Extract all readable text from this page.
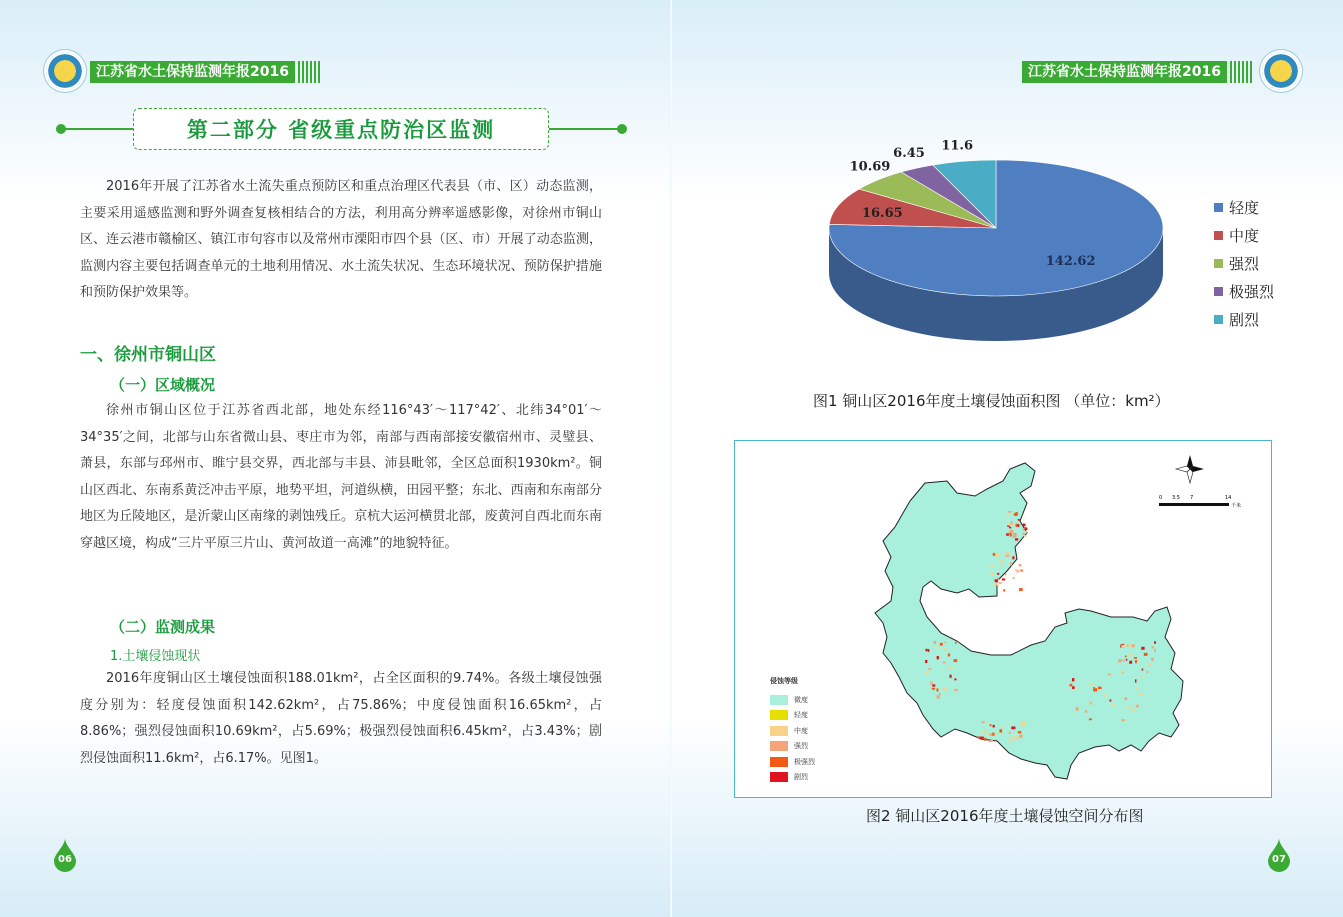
江苏省水土保持监测年报2016
第二部分 省级重点防治区监测

2016年开展了江苏省水土流失重点预防区和重点治理区代表县（市、区）动态监测，主要采用遥感监测和野外调查复核相结合的方法，利用高分辨率遥感影像，对徐州市铜山区、连云港市赣榆区、镇江市句容市以及常州市溧阳市四个县（区、市）开展了动态监测，监测内容主要包括调查单元的土地利用情况、水土流失状况、生态环境状况、预防保护措施和预防保护效果等。

一、徐州市铜山区
（一）区域概况

徐州市铜山区位于江苏省西北部，地处东经116°43′～117°42′、北纬34°01′～34°35′之间，北部与山东省微山县、枣庄市为邻，南部与西南部接安徽宿州市、灵璧县、萧县，东部与邳州市、睢宁县交界，西北部与丰县、沛县毗邻，全区总面积1930km²。铜山区西北、东南系黄泛冲击平原，地势平坦，河道纵横，田园平整；东北、西南和东南部分地区为丘陵地区，是沂蒙山区南缘的剥蚀残丘。京杭大运河横贯北部，废黄河自西北而东南穿越区境，构成“三片平原三片山、黄河故道一高滩”的地貌特征。

（二）监测成果
1.土壤侵蚀现状

2016年度铜山区土壤侵蚀面积188.01km²，占全区面积的9.74%。各级土壤侵蚀强度分别为：轻度侵蚀面积142.62km²，占75.86%；中度侵蚀面积16.65km²，占8.86%；强烈侵蚀面积10.69km²，占5.69%；极强烈侵蚀面积6.45km²，占3.43%；剧烈侵蚀面积11.6km²，占6.17%。见图1。

06
江苏省水土保持监测年报2016
142.62
16.65
10.69
6.45
11.6
轻度
中度
强烈
极强烈
剧烈
图1 铜山区2016年度土壤侵蚀面积图 （单位：km²）
0 3.5 7	14
千米
侵蚀等级
微度
轻度
中度
强烈
极强烈
剧烈
图2 铜山区2016年度土壤侵蚀空间分布图
07
